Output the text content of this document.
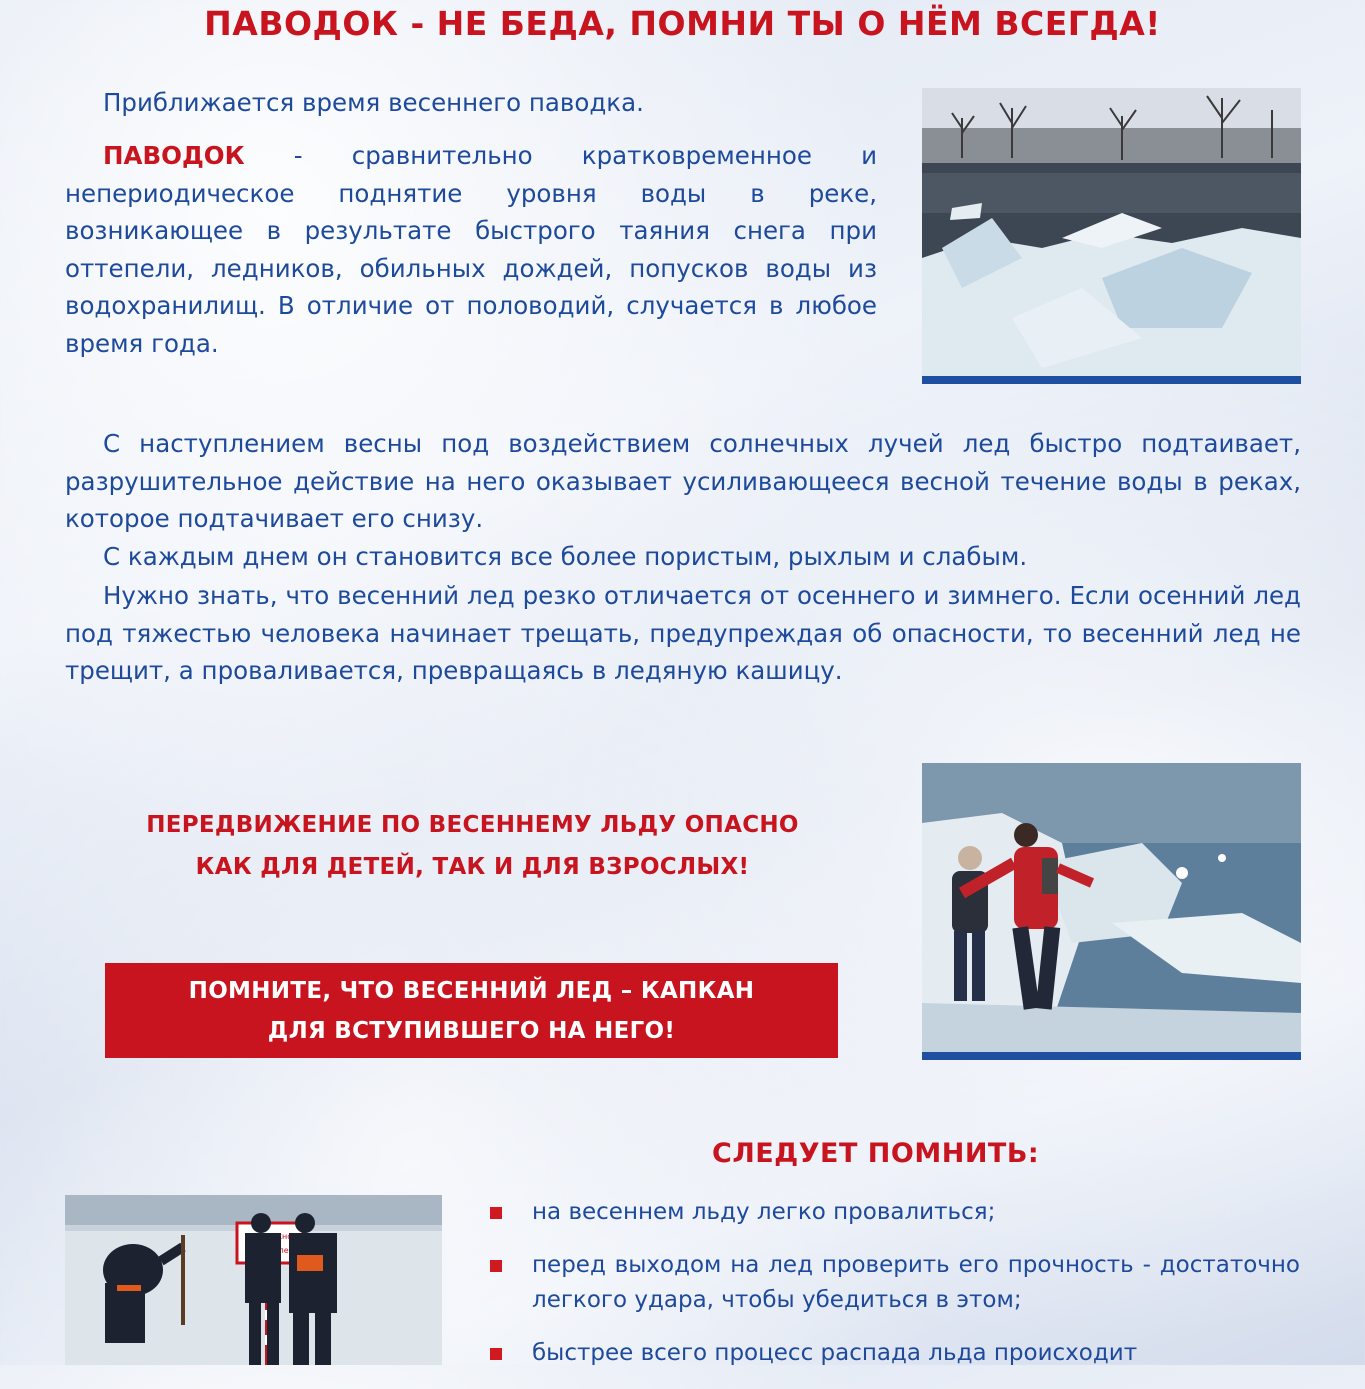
ПАВОДОК - НЕ БЕДА, ПОМНИ ТЫ О НЁМ ВСЕГДА!

Приближается время весеннего паводка.

ПАВОДОК - сравнительно кратковременное и непериодическое поднятие уровня воды в реке, возникающее в результате быстрого таяния снега при оттепели, ледников, обильных дождей, попусков воды из водохранилищ. В отличие от половодий, случается в любое время года.

С наступлением весны под воздействием солнечных лучей лед быстро подтаивает, разрушительное действие на него оказывает усиливающееся весной течение воды в реках, которое подтачивает его снизу.

С каждым днем он становится все более пористым, рыхлым и слабым.

Нужно знать, что весенний лед резко отличается от осеннего и зимнего. Если осенний лед под тяжестью человека начинает трещать, предупреждая об опасности, то весенний лед не трещит, а проваливается, превращаясь в ледяную кашицу.

ПЕРЕДВИЖЕНИЕ ПО ВЕСЕННЕМУ ЛЬДУ ОПАСНО
КАК ДЛЯ ДЕТЕЙ, ТАК И ДЛЯ ВЗРОСЛЫХ!
ПОМНИТЕ, ЧТО ВЕСЕННИЙ ЛЕД – КАПКАН
ДЛЯ ВСТУПИВШЕГО НА НЕГО!
СЛЕДУЕТ ПОМНИТЬ:
лед
на весеннем льду легко провалиться;
перед выходом на лед проверить его прочность - достаточно легкого удара, чтобы убедиться в этом;
быстрее всего процесс распада льда происходит
